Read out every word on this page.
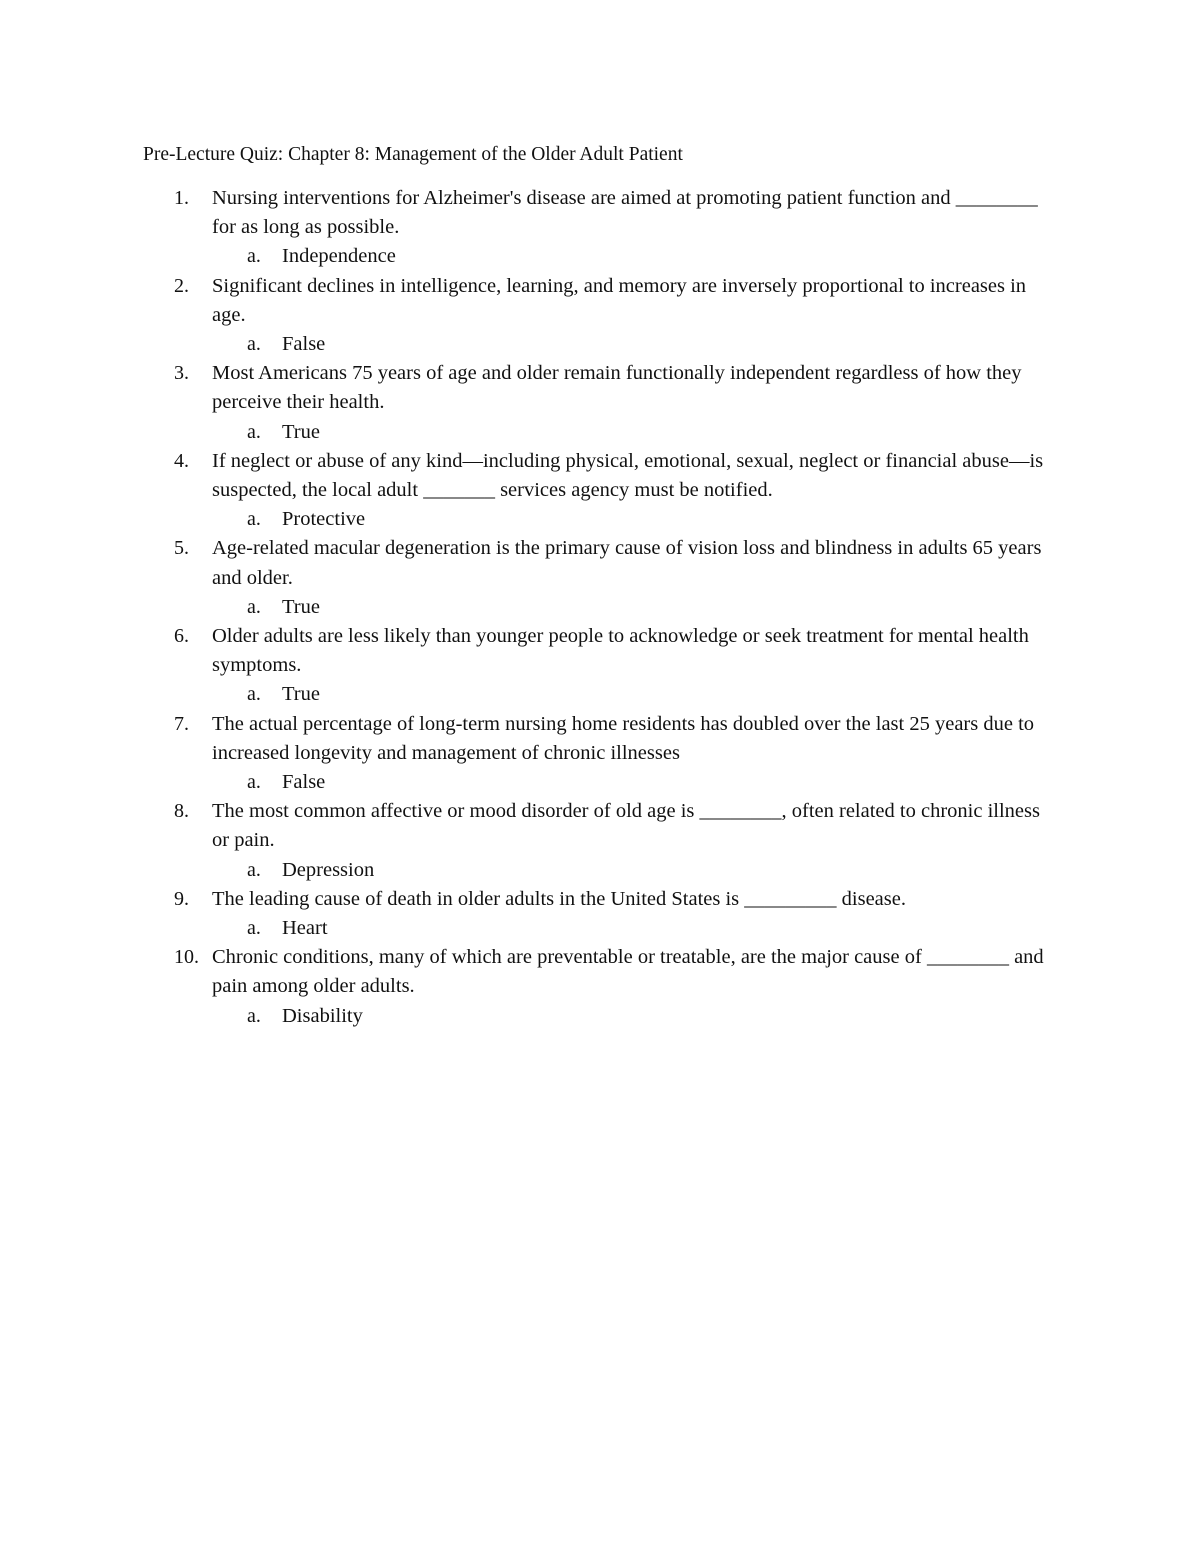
Pre-Lecture Quiz: Chapter 8: Management of the Older Adult Patient
1. Nursing interventions for Alzheimer's disease are aimed at promoting patient function and ________ for as long as possible.
a. Independence
2. Significant declines in intelligence, learning, and memory are inversely proportional to increases in age.
a. False
3. Most Americans 75 years of age and older remain functionally independent regardless of how they perceive their health.
a. True
4. If neglect or abuse of any kind—including physical, emotional, sexual, neglect or financial abuse—is suspected, the local adult _______ services agency must be notified.
a. Protective
5. Age-related macular degeneration is the primary cause of vision loss and blindness in adults 65 years and older.
a. True
6. Older adults are less likely than younger people to acknowledge or seek treatment for mental health symptoms.
a. True
7. The actual percentage of long-term nursing home residents has doubled over the last 25 years due to increased longevity and management of chronic illnesses
a. False
8. The most common affective or mood disorder of old age is ________, often related to chronic illness or pain.
a. Depression
9. The leading cause of death in older adults in the United States is _________ disease.
a. Heart
10. Chronic conditions, many of which are preventable or treatable, are the major cause of ________ and pain among older adults.
a. Disability
